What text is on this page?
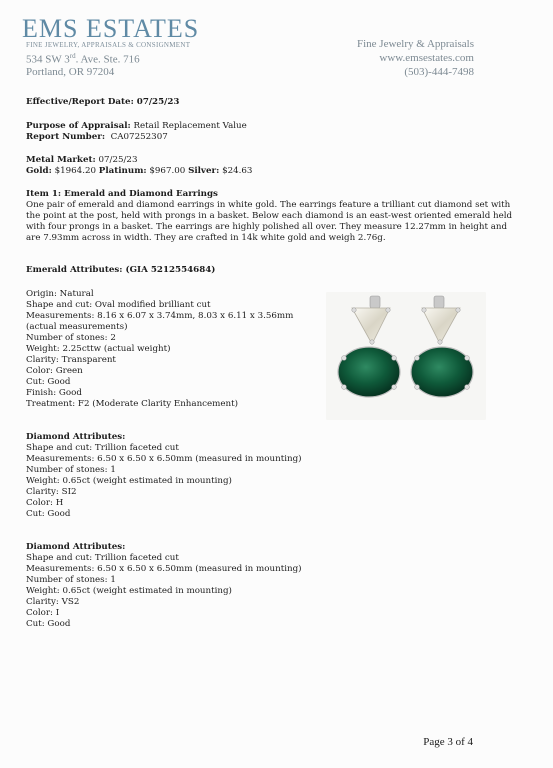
EMS ESTATES
FINE JEWELRY, APPRAISALS & CONSIGNMENT
534 SW 3rd. Ave. Ste. 716
Portland, OR 97204
Fine Jewelry & Appraisals
www.emsestates.com
(503)-444-7498
Effective/Report Date: 07/25/23
Purpose of Appraisal: Retail Replacement Value
Report Number: CA07252307
Metal Market: 07/25/23
Gold: $1964.20 Platinum: $967.00 Silver: $24.63
Item 1: Emerald and Diamond Earrings
One pair of emerald and diamond earrings in white gold. The earrings feature a trilliant cut diamond set with
the point at the post, held with prongs in a basket. Below each diamond is an east-west oriented emerald held
with four prongs in a basket. The earrings are highly polished all over. They measure 12.27mm in height and
are 7.93mm across in width. They are crafted in 14k white gold and weigh 2.76g.
Emerald Attributes: (GIA 5212554684)
Origin: Natural
Shape and cut: Oval modified brilliant cut
Measurements: 8.16 x 6.07 x 3.74mm, 8.03 x 6.11 x 3.56mm
(actual measurements)
Number of stones: 2
Weight: 2.25cttw (actual weight)
Clarity: Transparent
Color: Green
Cut: Good
Finish: Good
Treatment: F2 (Moderate Clarity Enhancement)
Diamond Attributes:
Shape and cut: Trillion faceted cut
Measurements: 6.50 x 6.50 x 6.50mm (measured in mounting)
Number of stones: 1
Weight: 0.65ct (weight estimated in mounting)
Clarity: SI2
Color: H
Cut: Good
Diamond Attributes:
Shape and cut: Trillion faceted cut
Measurements: 6.50 x 6.50 x 6.50mm (measured in mounting)
Number of stones: 1
Weight: 0.65ct (weight estimated in mounting)
Clarity: VS2
Color: I
Cut: Good
Page 3 of 4
